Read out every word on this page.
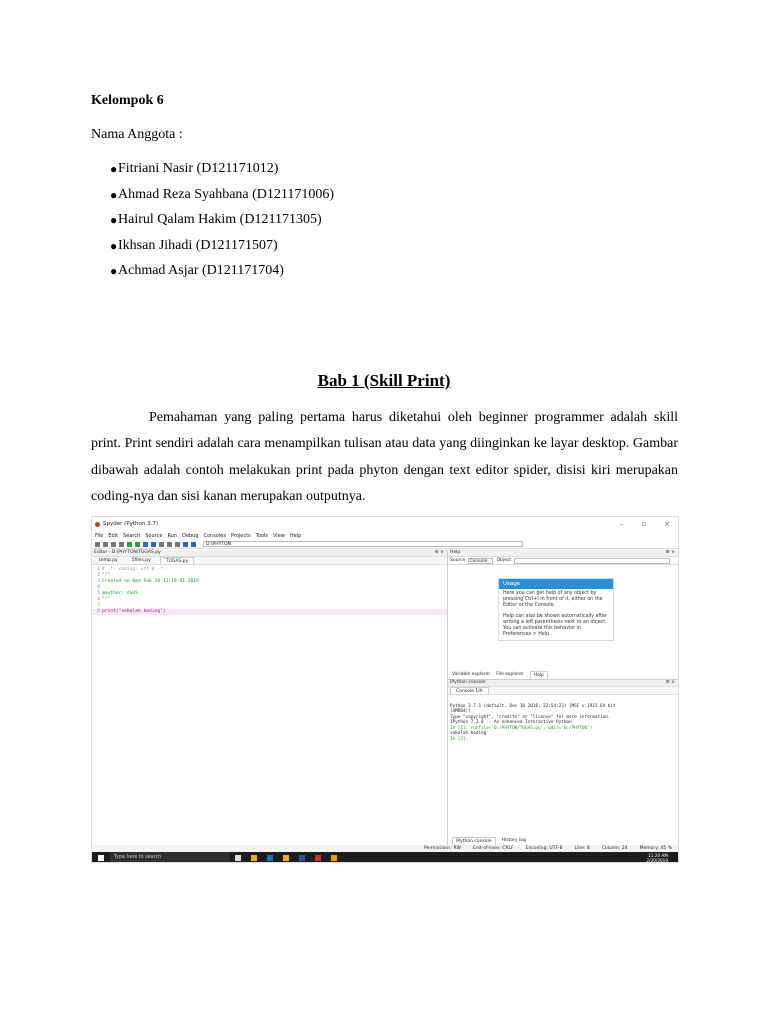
Kelompok 6
Nama Anggota :
● Fitriani Nasir (D121171012)
● Ahmad Reza Syahbana (D121171006)
● Hairul Qalam Hakim (D121171305)
● Ikhsan Jihadi (D121171507)
● Achmad Asjar (D121171704)
Bab 1 (Skill Print)

Pemahaman yang paling pertama harus diketahui oleh beginner programmer adalah skill print. Print sendiri adalah cara menampilkan tulisan atau data yang diinginkan ke layar desktop. Gambar dibawah adalah contoh melakukan print pada phyton dengan text editor spider, disisi kiri merupakan coding-nya dan sisi kanan merupakan outputnya.

Spyder (Python 3.7)	–	▫	×
File Edit Search Source Run Debug Consoles Projects Tools View Help
D:\PHYTON
Editor - D:\PHYTON\TUGAS.py	⚙ ×
temp.py	5files.py	TUGAS.py
1 # -*- coding: utf-8 -*-
2 """
3 Created on Wed Feb 20 11:19:01 2019
4
5 @author: ASUS
6 """
7
8 print("sekolah koding")
Help	⚙ ×
Source Console	Object
Usage

Here you can get help of any object by pressing Ctrl+I in front of it, either on the Editor or the Console.

Help can also be shown automatically after writing a left parenthesis next to an object. You can activate this behavior in Preferences > Help.

Variable explorer File explorer	Help
IPython console	⚙ ×
Console 1/A

Python 3.7.1 (default, Dec 10 2018, 22:54:23) [MSC v.1915 64 bit
(AMD64)]
Type "copyright", "credits" or "license" for more information.
IPython 7.2.0 -- An enhanced Interactive Python.
In [1]: runfile('D:/PHYTON/TUGAS.py', wdir='D:/PHYTON')
sekolah koding
In [2]:

IPython console	History log
Permissions: RW	End-of-lines: CRLF	Encoding: UTF-8	Line: 8	Column: 24	Memory: 45 %
Type here to search	11:20 AM
2/20/2019
